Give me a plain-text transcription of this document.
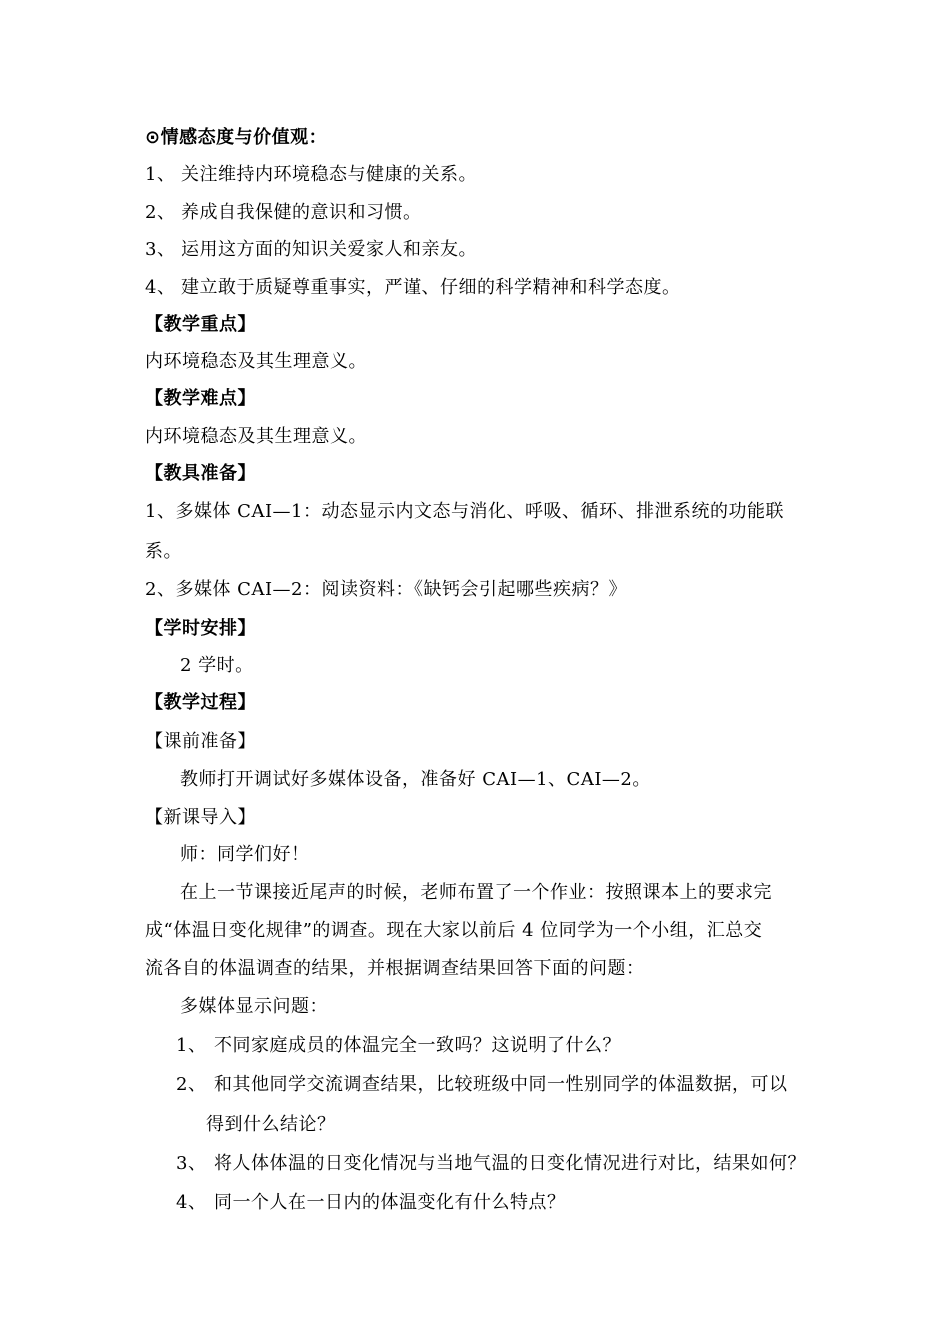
⊙情感态度与价值观：
1、 关注维持内环境稳态与健康的关系。
2、 养成自我保健的意识和习惯。
3、 运用这方面的知识关爱家人和亲友。
4、 建立敢于质疑尊重事实，严谨、仔细的科学精神和科学态度。
【教学重点】
内环境稳态及其生理意义。
【教学难点】
内环境稳态及其生理意义。
【教具准备】
1、多媒体 CAI—1：动态显示内文态与消化、呼吸、循环、排泄系统的功能联
系。
2、多媒体 CAI—2：阅读资料：《缺钙会引起哪些疾病？》
【学时安排】
2 学时。
【教学过程】
【课前准备】
教师打开调试好多媒体设备，准备好 CAI—1、CAI—2。
【新课导入】
师：同学们好！
在上一节课接近尾声的时候，老师布置了一个作业：按照课本上的要求完
成“体温日变化规律”的调查。现在大家以前后 4 位同学为一个小组，汇总交
流各自的体温调查的结果，并根据调查结果回答下面的问题：
多媒体显示问题：
1、 不同家庭成员的体温完全一致吗？这说明了什么？
2、 和其他同学交流调查结果，比较班级中同一性别同学的体温数据，可以
得到什么结论？
3、 将人体体温的日变化情况与当地气温的日变化情况进行对比，结果如何？
4、 同一个人在一日内的体温变化有什么特点？
